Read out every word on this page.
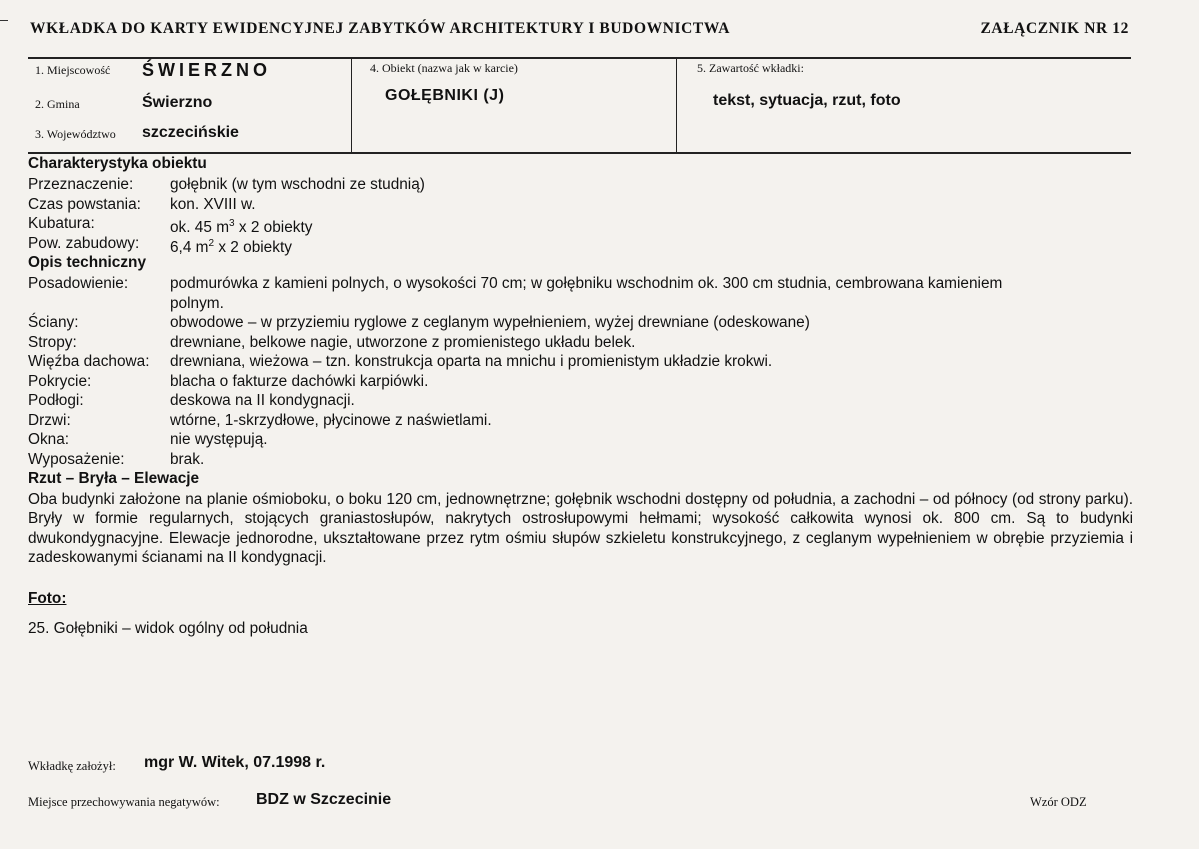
WKŁADKA DO KARTY EWIDENCYJNEJ ZABYTKÓW ARCHITEKTURY I BUDOWNICTWA	ZAŁĄCZNIK NR 12
1. Miejscowość ŚWIERZNO
2. Gmina	Świerzno
3. Województwo szczecińskie
4. Obiekt (nazwa jak w karcie)
GOŁĘBNIKI (J)
5. Zawartość wkładki:
tekst, sytuacja, rzut, foto
Charakterystyka obiektu
Przeznaczenie: gołębnik (w tym wschodni ze studnią)
Czas powstania: kon. XVIII w.
Kubatura:	ok. 45 $m^3$ x 2 obiekty
Pow. zabudowy: 6,4 $m^2$ x 2 obiekty
Opis techniczny
Posadowienie:	podmurówka z kamieni polnych, o wysokości 70 cm; w gołębniku wschodnim ok. 300 cm studnia, cembrowana kamieniem
polnym.
Ściany:	obwodowe – w przyziemiu ryglowe z ceglanym wypełnieniem, wyżej drewniane (odeskowane)
Stropy:	drewniane, belkowe nagie, utworzone z promienistego układu belek.
Więźba dachowa: drewniana, wieżowa – tzn. konstrukcja oparta na mnichu i promienistym układzie krokwi.
Pokrycie:	blacha o fakturze dachówki karpiówki.
Podłogi:	deskowa na II kondygnacji.
Drzwi:	wtórne, 1-skrzydłowe, płycinowe z naświetlami.
Okna:	nie występują.
Wyposażenie:	brak.
Rzut – Bryła – Elewacje
Oba budynki założone na planie ośmioboku, o boku 120 cm, jednownętrzne; gołębnik wschodni dostępny od południa, a zachodni – od północy (od strony parku). Bryły w formie regularnych, stojących graniastosłupów, nakrytych ostrosłupowymi hełmami; wysokość całkowita wynosi ok. 800 cm. Są to budynki dwukondygnacyjne. Elewacje jednorodne, ukształtowane przez rytm ośmiu słupów szkieletu konstrukcyjnego, z ceglanym wypełnieniem w obrębie przyziemia i zadeskowanymi ścianami na II kondygnacji.
Foto:
25. Gołębniki – widok ogólny od południa
Wkładkę założył: mgr W. Witek, 07.1998 r.
Miejsce przechowywania negatywów: BDZ w Szczecinie	Wzór ODZ
